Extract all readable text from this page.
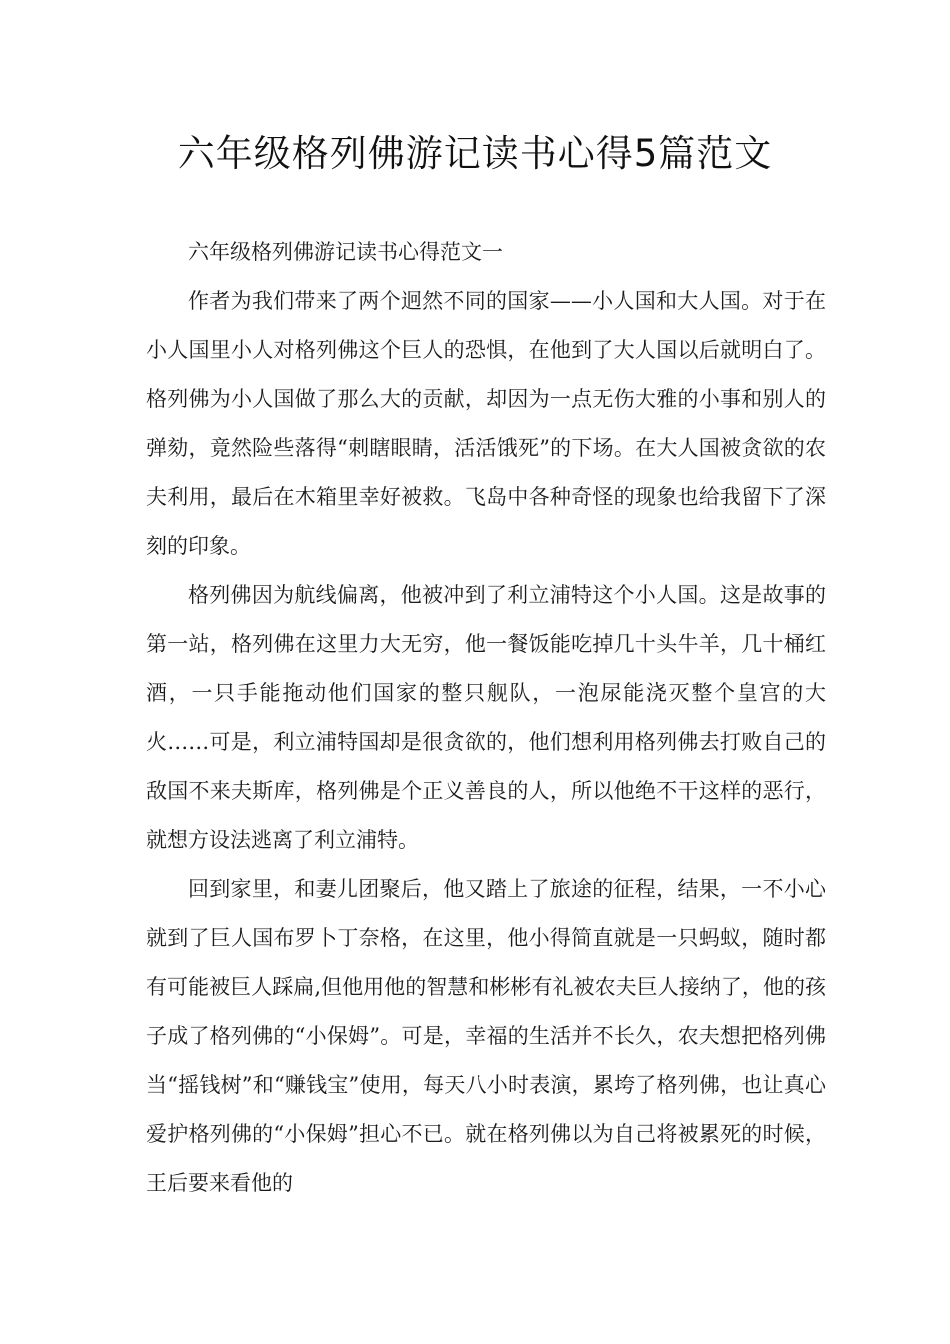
六年级格列佛游记读书心得5篇范文

六年级格列佛游记读书心得范文一

作者为我们带来了两个迥然不同的国家——小人国和大人国。对于在小人国里小人对格列佛这个巨人的恐惧，在他到了大人国以后就明白了。格列佛为小人国做了那么大的贡献，却因为一点无伤大雅的小事和别人的弹劾，竟然险些落得“刺瞎眼睛，活活饿死”的下场。在大人国被贪欲的农夫利用，最后在木箱里幸好被救。飞岛中各种奇怪的现象也给我留下了深刻的印象。

格列佛因为航线偏离，他被冲到了利立浦特这个小人国。这是故事的第一站，格列佛在这里力大无穷，他一餐饭能吃掉几十头牛羊，几十桶红酒，一只手能拖动他们国家的整只舰队，一泡尿能浇灭整个皇宫的大火……可是，利立浦特国却是很贪欲的，他们想利用格列佛去打败自己的敌国不来夫斯库，格列佛是个正义善良的人，所以他绝不干这样的恶行，就想方设法逃离了利立浦特。

回到家里，和妻儿团聚后，他又踏上了旅途的征程，结果，一不小心就到了巨人国布罗卜丁奈格，在这里，他小得简直就是一只蚂蚁，随时都有可能被巨人踩扁,但他用他的智慧和彬彬有礼被农夫巨人接纳了，他的孩子成了格列佛的“小保姆”。可是，幸福的生活并不长久，农夫想把格列佛当“摇钱树”和“赚钱宝”使用，每天八小时表演，累垮了格列佛，也让真心爱护格列佛的“小保姆”担心不已。就在格列佛以为自己将被累死的时候，王后要来看他的
